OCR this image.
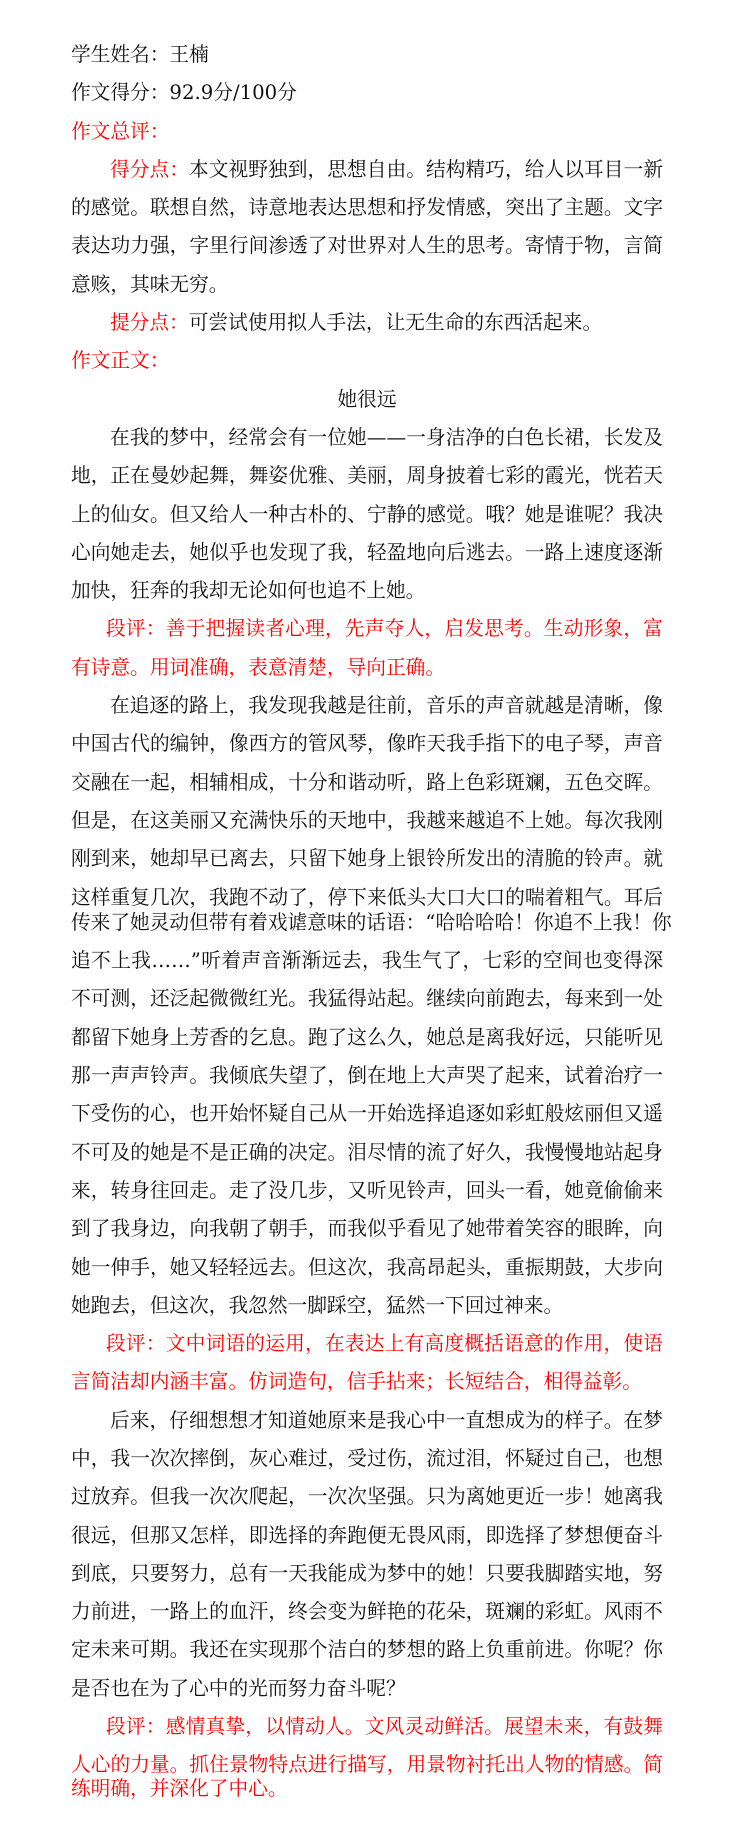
学生姓名：王楠
作文得分：92.9分/100分
作文总评：
得分点：本文视野独到，思想自由。结构精巧，给人以耳目一新
的感觉。联想自然，诗意地表达思想和抒发情感，突出了主题。文字
表达功力强，字里行间渗透了对世界对人生的思考。寄情于物，言简
意赅，其味无穷。
提分点：可尝试使用拟人手法，让无生命的东西活起来。
作文正文：
她很远
在我的梦中，经常会有一位她——一身洁净的白色长裙，长发及
地，正在曼妙起舞，舞姿优雅、美丽，周身披着七彩的霞光，恍若天
上的仙女。但又给人一种古朴的、宁静的感觉。哦？她是谁呢？我决
心向她走去，她似乎也发现了我，轻盈地向后逃去。一路上速度逐渐
加快，狂奔的我却无论如何也追不上她。
段评：善于把握读者心理，先声夺人，启发思考。生动形象，富
有诗意。用词准确，表意清楚，导向正确。
在追逐的路上，我发现我越是往前，音乐的声音就越是清晰，像
中国古代的编钟，像西方的管风琴，像昨天我手指下的电子琴，声音
交融在一起，相辅相成，十分和谐动听，路上色彩斑斓，五色交晖。
但是，在这美丽又充满快乐的天地中，我越来越追不上她。每次我刚
刚到来，她却早已离去，只留下她身上银铃所发出的清脆的铃声。就
这样重复几次，我跑不动了，停下来低头大口大口的喘着粗气。耳后
传来了她灵动但带有着戏谑意味的话语：“哈哈哈哈！你追不上我！你
追不上我……”听着声音渐渐远去，我生气了，七彩的空间也变得深
不可测，还泛起微微红光。我猛得站起。继续向前跑去，每来到一处
都留下她身上芳香的乞息。跑了这么久，她总是离我好远，只能听见
那一声声铃声。我倾底失望了，倒在地上大声哭了起来，试着治疗一
下受伤的心，也开始怀疑自己从一开始选择追逐如彩虹般炫丽但又遥
不可及的她是不是正确的决定。泪尽情的流了好久，我慢慢地站起身
来，转身往回走。走了没几步，又听见铃声，回头一看，她竟偷偷来
到了我身边，向我朝了朝手，而我似乎看见了她带着笑容的眼眸，向
她一伸手，她又轻轻远去。但这次，我高昂起头，重振期鼓，大步向
她跑去，但这次，我忽然一脚踩空，猛然一下回过神来。
段评：文中词语的运用，在表达上有高度概括语意的作用，使语
言简洁却内涵丰富。仿词造句，信手拈来；长短结合，相得益彰。
后来，仔细想想才知道她原来是我心中一直想成为的样子。在梦
中，我一次次摔倒，灰心难过，受过伤，流过泪，怀疑过自己，也想
过放弃。但我一次次爬起，一次次坚强。只为离她更近一步！她离我
很远，但那又怎样，即选择的奔跑便无畏风雨，即选择了梦想便奋斗
到底，只要努力，总有一天我能成为梦中的她！只要我脚踏实地，努
力前进，一路上的血汗，终会变为鲜艳的花朵，斑斓的彩虹。风雨不
定未来可期。我还在实现那个洁白的梦想的路上负重前进。你呢？你
是否也在为了心中的光而努力奋斗呢？
段评：感情真挚，以情动人。文风灵动鲜活。展望未来，有鼓舞
人心的力量。抓住景物特点进行描写，用景物衬托出人物的情感。简
练明确，并深化了中心。
